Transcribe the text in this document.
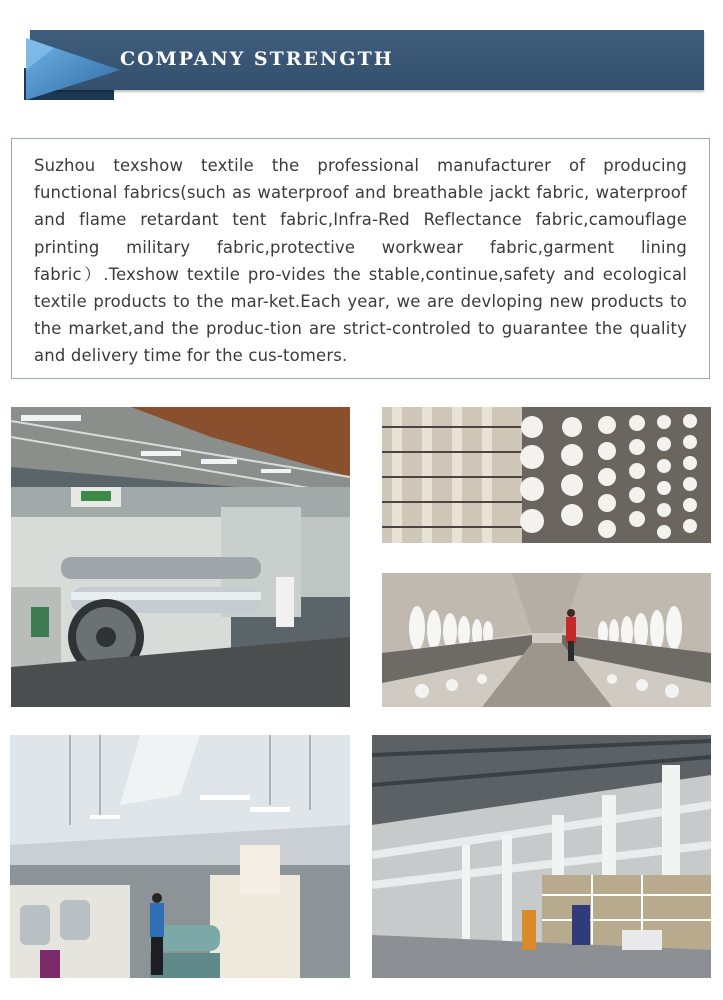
COMPANY STRENGTH

Suzhou texshow textile the professional manufacturer of producing functional fabrics(such as waterproof and breathable jackt fabric, waterproof and flame retardant tent fabric,Infra-Red Reflectance fabric,camouflage printing military fabric,protective workwear fabric,garment lining fabric）.Texshow textile pro-vides the stable,continue,safety and ecological textile products to the mar-ket.Each year, we are devloping new products to the market,and the produc-tion are strict-controled to guarantee the quality and delivery time for the cus-tomers.
